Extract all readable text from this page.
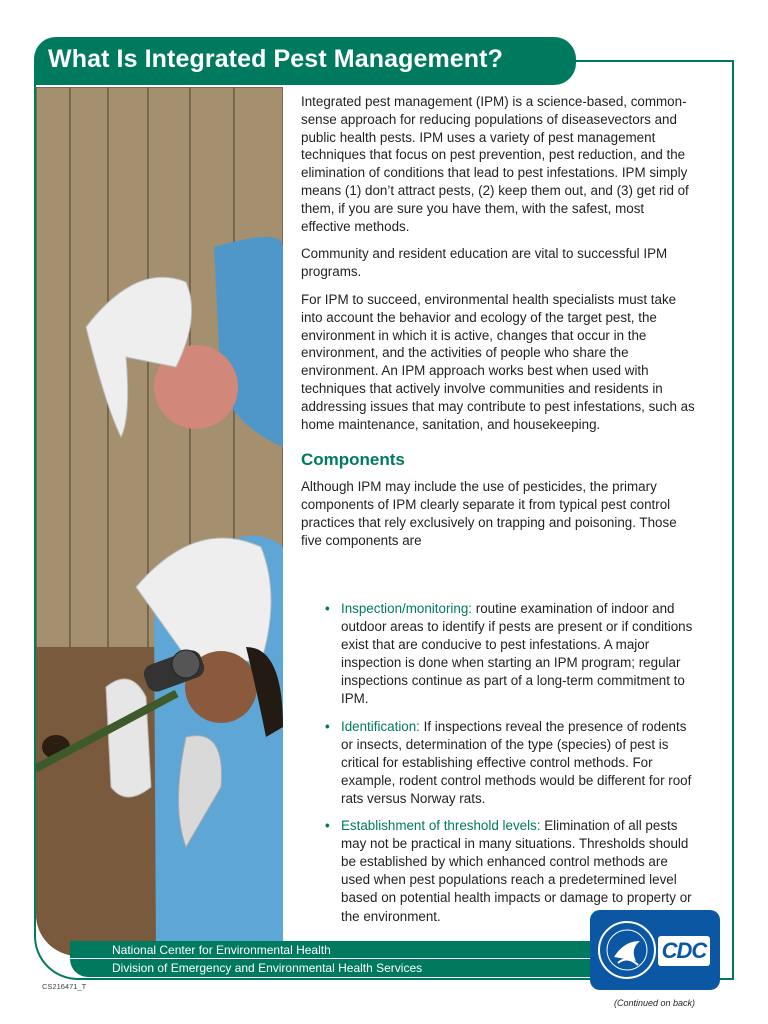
What Is Integrated Pest Management?

Integrated pest management (IPM) is a science-based, common-sense approach for reducing populations of diseasevectors and public health pests. IPM uses a variety of pest management techniques that focus on pest prevention, pest reduction, and the elimination of conditions that lead to pest infestations. IPM simply means (1) don’t attract pests, (2) keep them out, and (3) get rid of them, if you are sure you have them, with the safest, most effective methods.

Community and resident education are vital to successful IPM programs.

For IPM to succeed, environmental health specialists must take into account the behavior and ecology of the target pest, the environment in which it is active, changes that occur in the environment, and the activities of people who share the environment. An IPM approach works best when used with techniques that actively involve communities and residents in addressing issues that may contribute to pest infestations, such as home maintenance, sanitation, and housekeeping.

Components

Although IPM may include the use of pesticides, the primary components of IPM clearly separate it from typical pest control practices that rely exclusively on trapping and poisoning. Those five components are

• Inspection/monitoring: routine examination of indoor and outdoor areas to identify if pests are present or if conditions exist that are conducive to pest infestations. A major inspection is done when starting an IPM program; regular inspections continue as part of a long-term commitment to IPM.
• Identification: If inspections reveal the presence of rodents or insects, determination of the type (species) of pest is critical for establishing effective control methods. For example, rodent control methods would be different for roof rats versus Norway rats.
• Establishment of threshold levels: Elimination of all pests may not be practical in many situations. Thresholds should be established by which enhanced control methods are used when pest populations reach a predetermined level based on potential health impacts or damage to property or the environment.
National Center for Environmental Health
Division of Emergency and Environmental Health Services
CDC
CS216471_T
(Continued on back)
